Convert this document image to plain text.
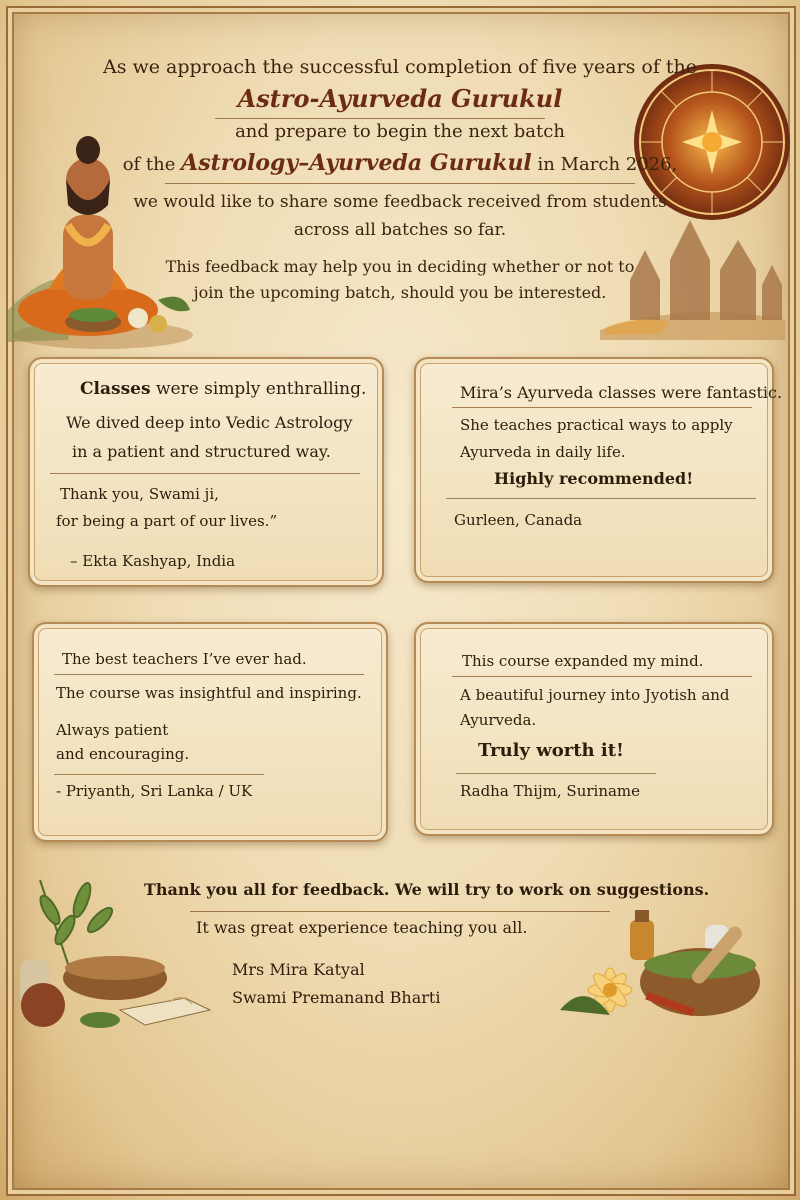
As we approach the successful completion of five years of the
Astro-Ayurveda Gurukul
and prepare to begin the next batch
of the Astrology–Ayurveda Gurukul in March 2026,
we would like to share some feedback received from students
across all batches so far.
This feedback may help you in deciding whether or not to
join the upcoming batch, should you be interested.
Classes were simply enthralling.
We dived deep into Vedic Astrology
in a patient and structured way.
Thank you, Swami ji,
for being a part of our lives.”
– Ekta Kashyap, India
Mira’s Ayurveda classes were fantastic.
She teaches practical ways to apply
Ayurveda in daily life.
Highly recommended!
Gurleen, Canada
The best teachers I’ve ever had.
The course was insightful and inspiring.
Always patient
and encouraging.
- Priyanth, Sri Lanka / UK
This course expanded my mind.
A beautiful journey into Jyotish and
Ayurveda.
Truly worth it!
Radha Thijm, Suriname
Thank you all for feedback. We will try to work on suggestions.
It was great experience teaching you all.
Mrs Mira Katyal
Swami Premanand Bharti
